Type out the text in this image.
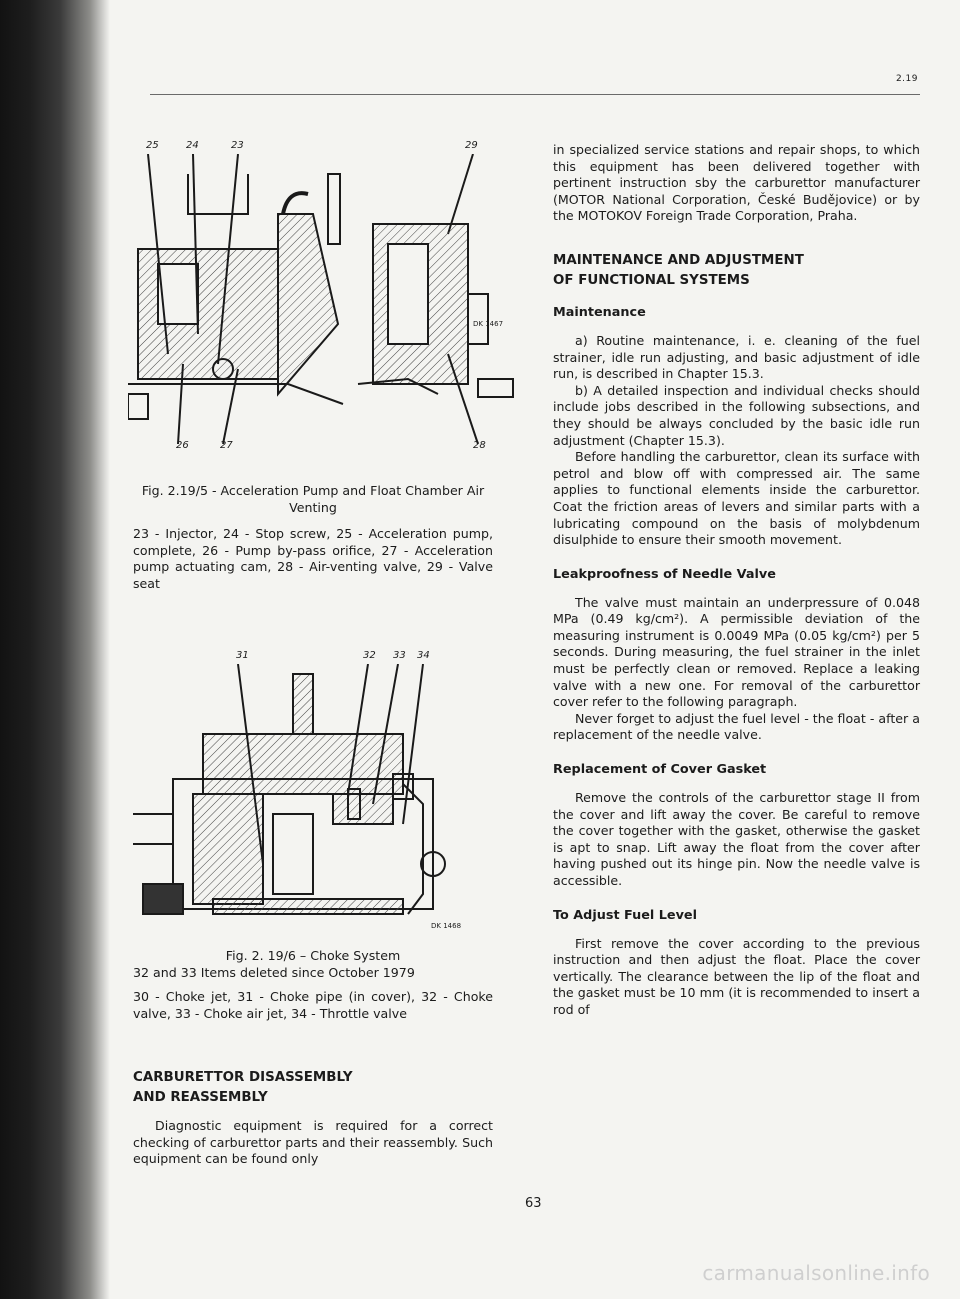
2.19
25	24	23	29
26	27	28
DK 1467

Fig. 2.19/5 - Acceleration Pump and Float Chamber Air Venting

23 - Injector, 24 - Stop screw, 25 - Acceleration pump, complete, 26 - Pump by-pass orifice, 27 - Acceleration pump actuating cam, 28 - Air-venting valve, 29 - Valve seat

31	32 33 34
DK 1468

Fig. 2. 19/6 – Choke System

32 and 33 Items deleted since October 1979

30 - Choke jet, 31 - Choke pipe (in cover), 32 - Choke valve, 33 - Choke air jet, 34 - Throttle valve

CARBURETTOR DISASSEMBLY
AND REASSEMBLY

Diagnostic equipment is required for a correct checking of carburettor parts and their reassembly. Such equipment can be found only

in specialized service stations and repair shops, to which this equipment has been delivered together with pertinent instruction sby the carburettor manufacturer (MOTOR National Corporation, České Budějovice) or by the MOTOKOV Foreign Trade Corporation, Praha.

MAINTENANCE AND ADJUSTMENT
OF FUNCTIONAL SYSTEMS
Maintenance

a) Routine maintenance, i. e. cleaning of the fuel strainer, idle run adjusting, and basic adjustment of idle run, is described in Chapter 15.3.

b) A detailed inspection and individual checks should include jobs described in the following subsections, and they should be always concluded by the basic idle run adjustment (Chapter 15.3).

Before handling the carburettor, clean its surface with petrol and blow off with compressed air. The same applies to functional elements inside the carburettor. Coat the friction areas of levers and similar parts with a lubricating compound on the basis of molybdenum disulphide to ensure their smooth movement.

Leakproofness of Needle Valve

The valve must maintain an underpressure of 0.048 MPa (0.49 kg/cm²). A permissible deviation of the measuring instrument is 0.0049 MPa (0.05 kg/cm²) per 5 seconds. During measuring, the fuel strainer in the inlet must be perfectly clean or removed. Replace a leaking valve with a new one. For removal of the carburettor cover refer to the following paragraph.

Never forget to adjust the fuel level - the float - after a replacement of the needle valve.

Replacement of Cover Gasket

Remove the controls of the carburettor stage II from the cover and lift away the cover. Be careful to remove the cover together with the gasket, otherwise the gasket is apt to snap. Lift away the float from the cover after having pushed out its hinge pin. Now the needle valve is accessible.

To Adjust Fuel Level

First remove the cover according to the previous instruction and then adjust the float. Place the cover vertically. The clearance between the lip of the float and the gasket must be 10 mm (it is recommended to insert a rod of

63
carmanualsonline.info
